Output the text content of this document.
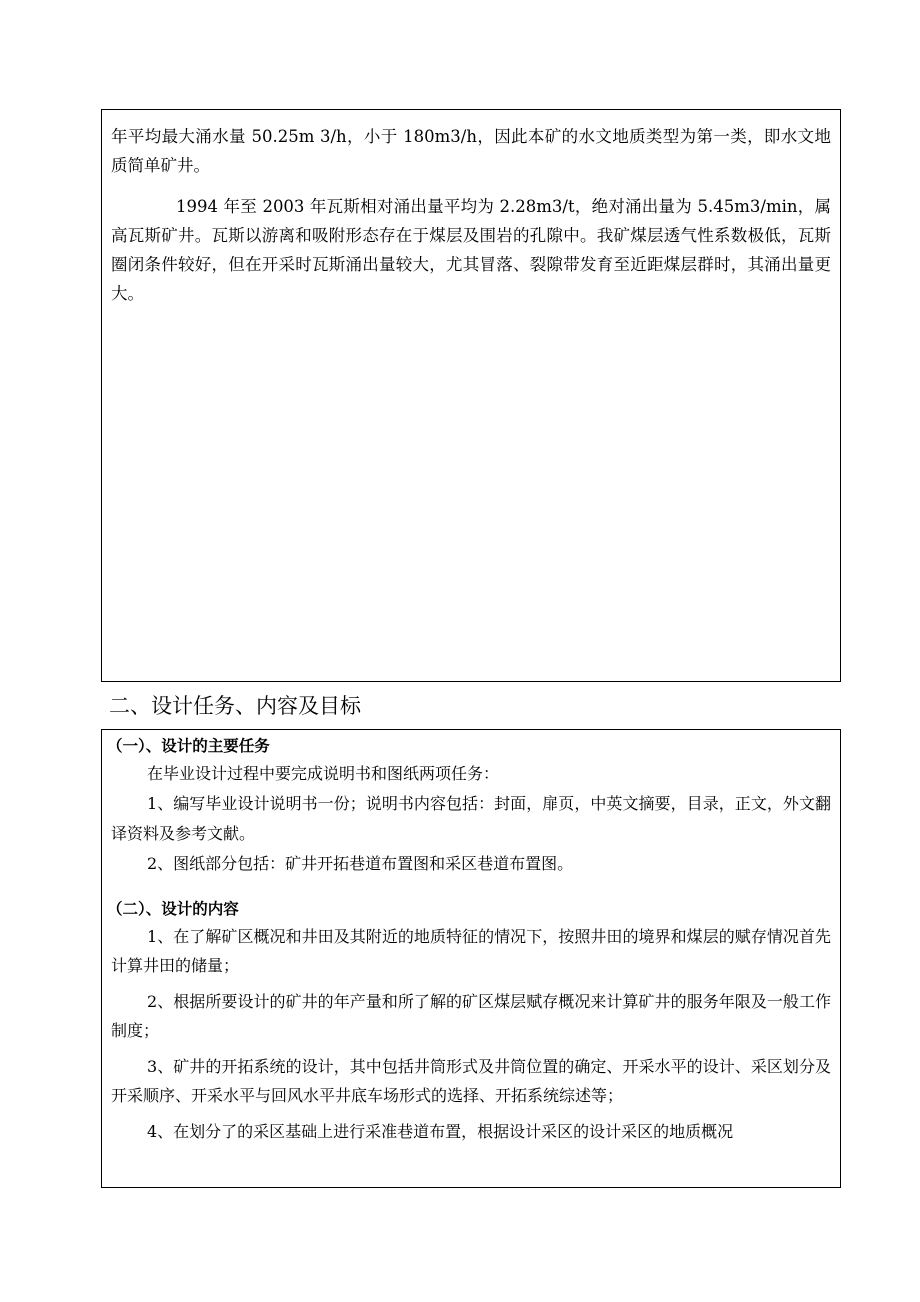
年平均最大涌水量 50.25m 3/h，小于 180m3/h，因此本矿的水文地质类型为第一类，即水文地质简单矿井。

1994 年至 2003 年瓦斯相对涌出量平均为 2.28m3/t，绝对涌出量为 5.45m3/min，属高瓦斯矿井。瓦斯以游离和吸附形态存在于煤层及围岩的孔隙中。我矿煤层透气性系数极低，瓦斯圈闭条件较好，但在开采时瓦斯涌出量较大，尤其冒落、裂隙带发育至近距煤层群时，其涌出量更大。

二、设计任务、内容及目标

（一）、设计的主要任务

在毕业设计过程中要完成说明书和图纸两项任务：

1、编写毕业设计说明书一份；说明书内容包括：封面，扉页，中英文摘要，目录，正文，外文翻译资料及参考文献。

2、图纸部分包括：矿井开拓巷道布置图和采区巷道布置图。

（二）、设计的内容

1、在了解矿区概况和井田及其附近的地质特征的情况下，按照井田的境界和煤层的赋存情况首先计算井田的储量；

2、根据所要设计的矿井的年产量和所了解的矿区煤层赋存概况来计算矿井的服务年限及一般工作制度；

3、矿井的开拓系统的设计，其中包括井筒形式及井筒位置的确定、开采水平的设计、采区划分及开采顺序、开采水平与回风水平井底车场形式的选择、开拓系统综述等；

4、在划分了的采区基础上进行采准巷道布置，根据设计采区的设计采区的地质概况
